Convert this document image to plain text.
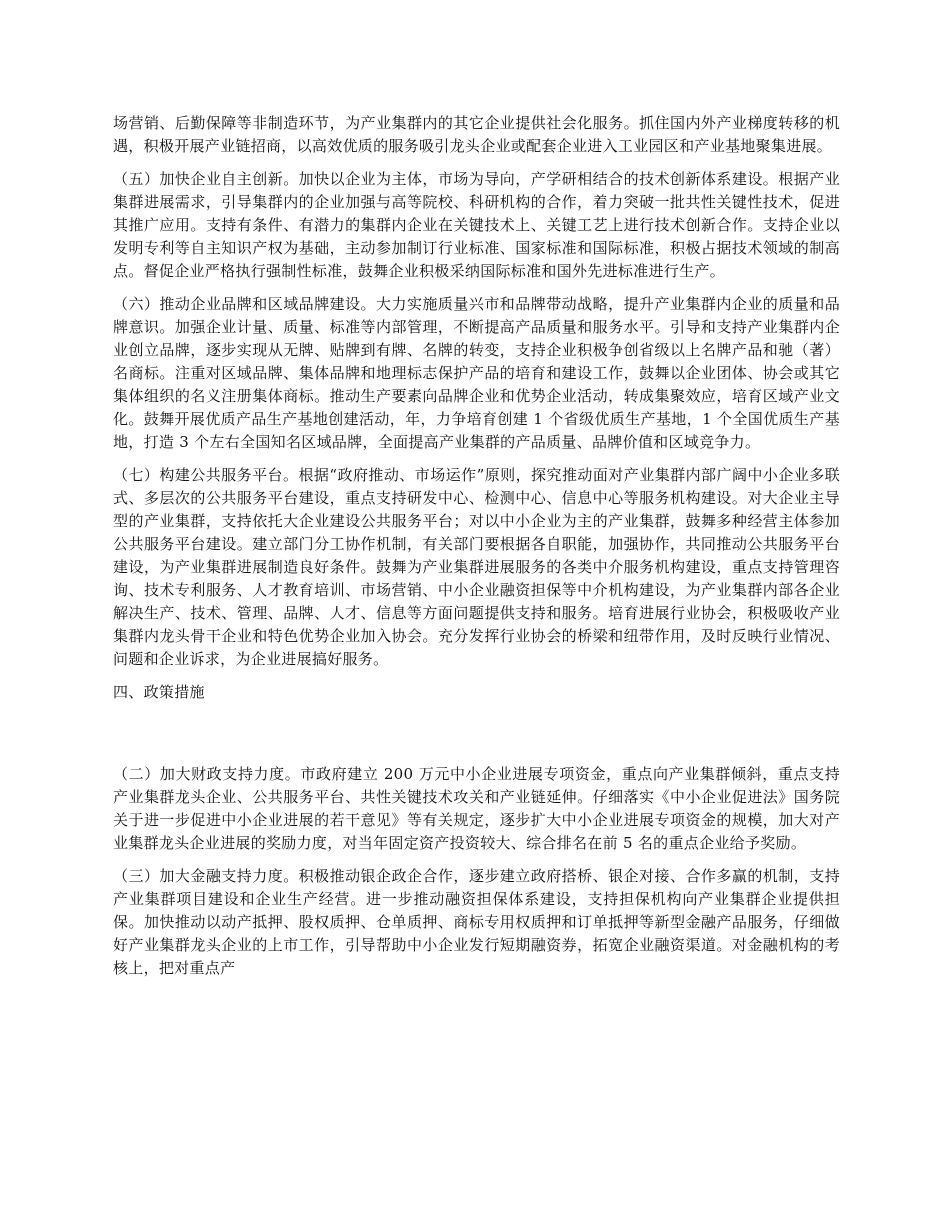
场营销、后勤保障等非制造环节，为产业集群内的其它企业提供社会化服务。抓住国内外产业梯度转移的机遇，积极开展产业链招商，以高效优质的服务吸引龙头企业或配套企业进入工业园区和产业基地聚集进展。

（五）加快企业自主创新。加快以企业为主体，市场为导向，产学研相结合的技术创新体系建设。根据产业集群进展需求，引导集群内的企业加强与高等院校、科研机构的合作，着力突破一批共性关键性技术，促进其推广应用。支持有条件、有潜力的集群内企业在关键技术上、关键工艺上进行技术创新合作。支持企业以发明专利等自主知识产权为基础，主动参加制订行业标准、国家标准和国际标准，积极占据技术领域的制高点。督促企业严格执行强制性标准，鼓舞企业积极采纳国际标准和国外先进标准进行生产。

（六）推动企业品牌和区域品牌建设。大力实施质量兴市和品牌带动战略，提升产业集群内企业的质量和品牌意识。加强企业计量、质量、标准等内部管理，不断提高产品质量和服务水平。引导和支持产业集群内企业创立品牌，逐步实现从无牌、贴牌到有牌、名牌的转变，支持企业积极争创省级以上名牌产品和驰（著）名商标。注重对区域品牌、集体品牌和地理标志保护产品的培育和建设工作，鼓舞以企业团体、协会或其它集体组织的名义注册集体商标。推动生产要素向品牌企业和优势企业活动，转成集聚效应，培育区域产业文化。鼓舞开展优质产品生产基地创建活动，年，力争培育创建 1 个省级优质生产基地，1 个全国优质生产基地，打造 3 个左右全国知名区域品牌，全面提高产业集群的产品质量、品牌价值和区域竞争力。

（七）构建公共服务平台。根据“政府推动、市场运作”原则，探究推动面对产业集群内部广阔中小企业多联式、多层次的公共服务平台建设，重点支持研发中心、检测中心、信息中心等服务机构建设。对大企业主导型的产业集群，支持依托大企业建设公共服务平台；对以中小企业为主的产业集群，鼓舞多种经营主体参加公共服务平台建设。建立部门分工协作机制，有关部门要根据各自职能，加强协作，共同推动公共服务平台建设，为产业集群进展制造良好条件。鼓舞为产业集群进展服务的各类中介服务机构建设，重点支持管理咨询、技术专利服务、人才教育培训、市场营销、中小企业融资担保等中介机构建设，为产业集群内部各企业解决生产、技术、管理、品牌、人才、信息等方面问题提供支持和服务。培育进展行业协会，积极吸收产业集群内龙头骨干企业和特色优势企业加入协会。充分发挥行业协会的桥梁和纽带作用，及时反映行业情况、问题和企业诉求，为企业进展搞好服务。

四、政策措施

（二）加大财政支持力度。市政府建立 200 万元中小企业进展专项资金，重点向产业集群倾斜，重点支持产业集群龙头企业、公共服务平台、共性关键技术攻关和产业链延伸。仔细落实《中小企业促进法》国务院关于进一步促进中小企业进展的若干意见》等有关规定，逐步扩大中小企业进展专项资金的规模，加大对产业集群龙头企业进展的奖励力度，对当年固定资产投资较大、综合排名在前 5 名的重点企业给予奖励。

（三）加大金融支持力度。积极推动银企政企合作，逐步建立政府搭桥、银企对接、合作多赢的机制，支持产业集群项目建设和企业生产经营。进一步推动融资担保体系建设，支持担保机构向产业集群企业提供担保。加快推动以动产抵押、股权质押、仓单质押、商标专用权质押和订单抵押等新型金融产品服务，仔细做好产业集群龙头企业的上市工作，引导帮助中小企业发行短期融资券，拓宽企业融资渠道。对金融机构的考核上，把对重点产
